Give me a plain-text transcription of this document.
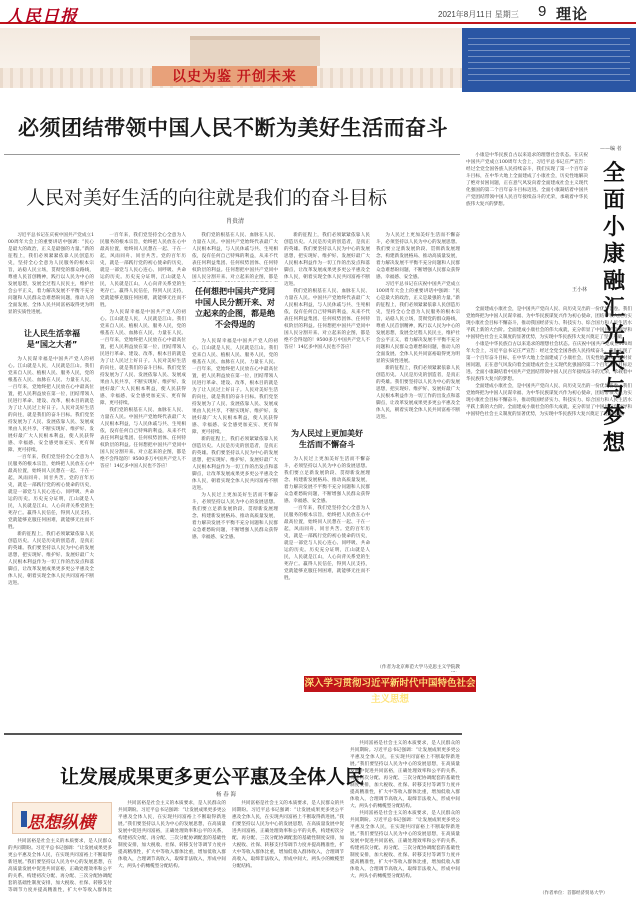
人民日报	2021年8月11日 星期三 9 理论
以史为鉴 开创未来
必须团结带领中国人民不断为美好生活而奋斗
人民对美好生活的向往就是我们的奋斗目标
肖贵清

习近平总书记在庆祝中国共产党成立100周年大会上的重要讲话中强调：“民心是最大的政治，正义是最强的力量。”新的征程上，我们必须紧紧依靠人民创造历史，坚持全心全意为人民服务的根本宗旨，站稳人民立场，贯彻党的群众路线，尊重人民首创精神，践行以人民为中心的发展思想，发展全过程人民民主，维护社会公平正义，着力解决发展不平衡不充分问题和人民群众急难愁盼问题，推动人的全面发展、全体人民共同富裕取得更为明显的实质性进展。

让人民生活幸福是“国之大者”

为人民谋幸福是中国共产党人的初心。江山就是人民，人民就是江山。我们党来自人民、植根人民、服务人民，党的根基在人民、血脉在人民、力量在人民。一百年来，党始终把人民放在心中最高位置，把人民利益放在第一位，团结带领人民进行革命、建设、改革，根本目的就是为了让人民过上好日子。人民对美好生活的向往，就是我们的奋斗目标。我们党坚持发展为了人民、发展依靠人民、发展成果由人民共享，不断实现好、维护好、发展好最广大人民根本利益，使人民获得感、幸福感、安全感更加充实、更有保障、更可持续。

一百年来，我们党坚持全心全意为人民服务的根本宗旨，始终把人民放在心中最高位置，始终同人民想在一起、干在一起，风雨同舟、同甘共苦。党的百年历史，就是一部践行党的初心使命的历史，就是一部党与人民心连心、同呼吸、共命运的历史。历史充分证明，江山就是人民，人民就是江山，人心向背关系党的生死存亡。赢得人民信任，得到人民支持，党就能够克服任何困难，就能够无往而不胜。

新的征程上，我们必须紧紧依靠人民创造历史。人民是历史的创造者，是真正的英雄。我们要坚持以人民为中心的发展思想，把实现好、维护好、发展好最广大人民根本利益作为一切工作的出发点和落脚点，让改革发展成果更多更公平惠及全体人民，朝着实现全体人民共同富裕不断迈进。

一百年来，我们党坚持全心全意为人民服务的根本宗旨，始终把人民放在心中最高位置，始终同人民想在一起、干在一起，风雨同舟、同甘共苦。党的百年历史，就是一部践行党的初心使命的历史，就是一部党与人民心连心、同呼吸、共命运的历史。历史充分证明，江山就是人民，人民就是江山，人心向背关系党的生死存亡。赢得人民信任，得到人民支持，党就能够克服任何困难，就能够无往而不胜。

为人民谋幸福是中国共产党人的初心。江山就是人民，人民就是江山。我们党来自人民、植根人民、服务人民，党的根基在人民、血脉在人民、力量在人民。一百年来，党始终把人民放在心中最高位置，把人民利益放在第一位，团结带领人民进行革命、建设、改革，根本目的就是为了让人民过上好日子。人民对美好生活的向往，就是我们的奋斗目标。我们党坚持发展为了人民、发展依靠人民、发展成果由人民共享，不断实现好、维护好、发展好最广大人民根本利益，使人民获得感、幸福感、安全感更加充实、更有保障、更可持续。

我们党的根基在人民、血脉在人民、力量在人民。中国共产党始终代表最广大人民根本利益，与人民休戚与共、生死相依，没有任何自己特殊的利益，从来不代表任何利益集团、任何权势团体、任何特权阶层的利益。任何想把中国共产党同中国人民分割开来、对立起来的企图，都是绝不会得逞的！9500多万中国共产党人不答应！14亿多中国人民也不答应！

我们党的根基在人民、血脉在人民、力量在人民。中国共产党始终代表最广大人民根本利益，与人民休戚与共、生死相依，没有任何自己特殊的利益，从来不代表任何利益集团、任何权势团体、任何特权阶层的利益。任何想把中国共产党同中国人民分割开来、对立起来的企图，都是

任何想把中国共产党同中国人民分割开来、对立起来的企图，都是绝不会得逞的

为人民谋幸福是中国共产党人的初心。江山就是人民，人民就是江山。我们党来自人民、植根人民、服务人民，党的根基在人民、血脉在人民、力量在人民。一百年来，党始终把人民放在心中最高位置，把人民利益放在第一位，团结带领人民进行革命、建设、改革，根本目的就是为了让人民过上好日子。人民对美好生活的向往，就是我们的奋斗目标。我们党坚持发展为了人民、发展依靠人民、发展成果由人民共享，不断实现好、维护好、发展好最广大人民根本利益，使人民获得感、幸福感、安全感更加充实、更有保障、更可持续。

新的征程上，我们必须紧紧依靠人民创造历史。人民是历史的创造者，是真正的英雄。我们要坚持以人民为中心的发展思想，把实现好、维护好、发展好最广大人民根本利益作为一切工作的出发点和落脚点，让改革发展成果更多更公平惠及全体人民，朝着实现全体人民共同富裕不断迈进。

为人民过上更加美好生活而不懈奋斗，必须坚持以人民为中心的发展思想。我们要立足新发展阶段、贯彻新发展理念、构建新发展格局、推动高质量发展，着力解决发展不平衡不充分问题和人民群众急难愁盼问题，不断增强人民群众获得感、幸福感、安全感。

新的征程上，我们必须紧紧依靠人民创造历史。人民是历史的创造者，是真正的英雄。我们要坚持以人民为中心的发展思想，把实现好、维护好、发展好最广大人民根本利益作为一切工作的出发点和落脚点，让改革发展成果更多更公平惠及全体人民，朝着实现全体人民共同富裕不断迈进。

我们党的根基在人民、血脉在人民、力量在人民。中国共产党始终代表最广大人民根本利益，与人民休戚与共、生死相依，没有任何自己特殊的利益，从来不代表任何利益集团、任何权势团体、任何特权阶层的利益。任何想把中国共产党同中国人民分割开来、对立起来的企图，都是绝不会得逞的！9500多万中国共产党人不答应！14亿多中国人民也不答应！

为人民过上更加美好生活而不懈奋斗

为人民过上更加美好生活而不懈奋斗，必须坚持以人民为中心的发展思想。我们要立足新发展阶段、贯彻新发展理念、构建新发展格局、推动高质量发展，着力解决发展不平衡不充分问题和人民群众急难愁盼问题，不断增强人民群众获得感、幸福感、安全感。

一百年来，我们党坚持全心全意为人民服务的根本宗旨，始终把人民放在心中最高位置，始终同人民想在一起、干在一起，风雨同舟、同甘共苦。党的百年历史，就是一部践行党的初心使命的历史，就是一部党与人民心连心、同呼吸、共命运的历史。历史充分证明，江山就是人民，人民就是江山，人心向背关系党的生死存亡。赢得人民信任，得到人民支持，党就能够克服任何困难，就能够无往而不胜。

为人民过上更加美好生活而不懈奋斗，必须坚持以人民为中心的发展思想。我们要立足新发展阶段、贯彻新发展理念、构建新发展格局、推动高质量发展，着力解决发展不平衡不充分问题和人民群众急难愁盼问题，不断增强人民群众获得感、幸福感、安全感。

习近平总书记在庆祝中国共产党成立100周年大会上的重要讲话中强调：“民心是最大的政治，正义是最强的力量。”新的征程上，我们必须紧紧依靠人民创造历史，坚持全心全意为人民服务的根本宗旨，站稳人民立场，贯彻党的群众路线，尊重人民首创精神，践行以人民为中心的发展思想，发展全过程人民民主，维护社会公平正义，着力解决发展不平衡不充分问题和人民群众急难愁盼问题，推动人的全面发展、全体人民共同富裕取得更为明显的实质性进展。

新的征程上，我们必须紧紧依靠人民创造历史。人民是历史的创造者，是真正的英雄。我们要坚持以人民为中心的发展思想，把实现好、维护好、发展好最广大人民根本利益作为一切工作的出发点和落脚点，让改革发展成果更多更公平惠及全体人民，朝着实现全体人民共同富裕不断迈进。

（作者为北京师范大学马克思主义学院教
深入学习贯彻习近平新时代中国特色社会主义思想
——编 者
全面小康融汇光荣与梦想
王小林

小康是中华民族自古以来追求的理想社会状态。在庆祝中国共产党成立100周年大会上，习近平总书记庄严宣告：经过全党全国各族人民持续奋斗，我们实现了第一个百年奋斗目标，在中华大地上全面建成了小康社会，历史性地解决了绝对贫困问题，正在意气风发向着全面建成社会主义现代化强国的第二个百年奋斗目标迈进。全面小康凝结着中国共产党团结带领中国人民百年接续奋斗的光荣，承载着中华民族伟大复兴的梦想。

全面建成小康社会，是中国共产党向人民、向历史交出的一份优异答卷。我们党始终把为中国人民谋幸福、为中华民族谋复兴作为初心使命，团结带领人民为实现小康社会目标不懈奋斗，推动我国经济实力、科技实力、综合国力和人民生活水平跃上新的大台阶。全面建成小康社会的伟大成就，充分彰显了中国共产党领导和中国特色社会主义制度的显著优势，为实现中华民族伟大复兴奠定了坚实基础。

小康是中华民族自古以来追求的理想社会状态。在庆祝中国共产党成立100周年大会上，习近平总书记庄严宣告：经过全党全国各族人民持续奋斗，我们实现了第一个百年奋斗目标，在中华大地上全面建成了小康社会，历史性地解决了绝对贫困问题，正在意气风发向着全面建成社会主义现代化强国的第二个百年奋斗目标迈进。全面小康凝结着中国共产党团结带领中国人民百年接续奋斗的光荣，承载着中华民族伟大复兴的梦想。

全面建成小康社会，是中国共产党向人民、向历史交出的一份优异答卷。我们党始终把为中国人民谋幸福、为中华民族谋复兴作为初心使命，团结带领人民为实现小康社会目标不懈奋斗，推动我国经济实力、科技实力、综合国力和人民生活水平跃上新的大台阶。全面建成小康社会的伟大成就，充分彰显了中国共产党领导和中国特色社会主义制度的显著优势，为实现中华民族伟大复兴奠定了坚实基础。

让发展成果更多更公平惠及全体人民
杨 春 海
思想纵横

共同富裕是社会主义的本质要求，是人民群众的共同期盼。习近平总书记强调：“让发展成果更多更公平惠及全体人民，在实现共同富裕上不断取得新进展。”我们要坚持以人民为中心的发展思想，在高质量发展中促进共同富裕，正确处理效率和公平的关系，构建初次分配、再分配、三次分配协调配套的基础性制度安排，加大税收、社保、转移支付等调节力度并提高精准性，扩大中等收入群体比

共同富裕是社会主义的本质要求，是人民群众的共同期盼。习近平总书记强调：“让发展成果更多更公平惠及全体人民，在实现共同富裕上不断取得新进展。”我们要坚持以人民为中心的发展思想，在高质量发展中促进共同富裕，正确处理效率和公平的关系，构建初次分配、再分配、三次分配协调配套的基础性制度安排，加大税收、社保、转移支付等调节力度并提高精准性，扩大中等收入群体比重，增加低收入群体收入，合理调节高收入，取缔非法收入，形成中间大、两头小的橄榄型分配结构。

共同富裕是社会主义的本质要求，是人民群众的共同期盼。习近平总书记强调：“让发展成果更多更公平惠及全体人民，在实现共同富裕上不断取得新进展。”我们要坚持以人民为中心的发展思想，在高质量发展中促进共同富裕，正确处理效率和公平的关系，构建初次分配、再分配、三次分配协调配套的基础性制度安排，加大税收、社保、转移支付等调节力度并提高精准性，扩大中等收入群体比重，增加低收入群体收入，合理调节高收入，取缔非法收入，形成中间大、两头小的橄榄型分配结构。

共同富裕是社会主义的本质要求，是人民群众的共同期盼。习近平总书记强调：“让发展成果更多更公平惠及全体人民，在实现共同富裕上不断取得新进展。”我们要坚持以人民为中心的发展思想，在高质量发展中促进共同富裕，正确处理效率和公平的关系，构建初次分配、再分配、三次分配协调配套的基础性制度安排，加大税收、社保、转移支付等调节力度并提高精准性，扩大中等收入群体比重，增加低收入群体收入，合理调节高收入，取缔非法收入，形成中间大、两头小的橄榄型分配结构。

共同富裕是社会主义的本质要求，是人民群众的共同期盼。习近平总书记强调：“让发展成果更多更公平惠及全体人民，在实现共同富裕上不断取得新进展。”我们要坚持以人民为中心的发展思想，在高质量发展中促进共同富裕，正确处理效率和公平的关系，构建初次分配、再分配、三次分配协调配套的基础性制度安排，加大税收、社保、转移支付等调节力度并提高精准性，扩大中等收入群体比重，增加低收入群体收入，合理调节高收入，取缔非法收入，形成中间大、两头小的橄榄型分配结构。

（作者单位：首都经济贸易大学）
